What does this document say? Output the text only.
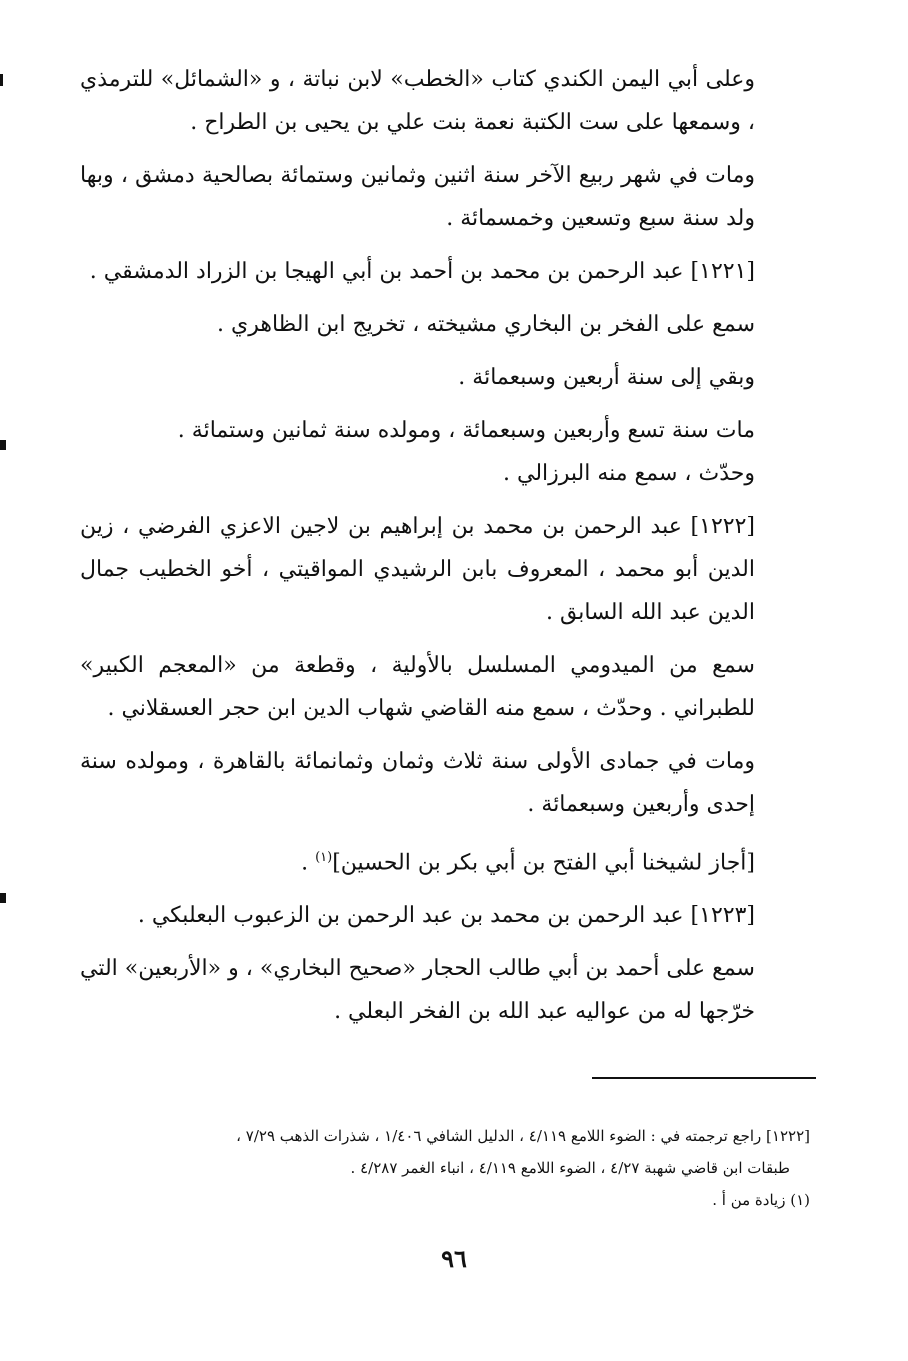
وعلى أبي اليمن الكندي كتاب «الخطب» لابن نباتة ، و «الشمائل» للترمذي ، وسمعها على ست الكتبة نعمة بنت علي بن يحيى بن الطراح .

ومات في شهر ربيع الآخر سنة اثنين وثمانين وستمائة بصالحية دمشق ، وبها ولد سنة سبع وتسعين وخمسمائة .

[١٢٢١] عبد الرحمن بن محمد بن أحمد بن أبي الهيجا بن الزراد الدمشقي .

سمع على الفخر بن البخاري مشيخته ، تخريج ابن الظاهري .

وبقي إلى سنة أربعين وسبعمائة .

مات سنة تسع وأربعين وسبعمائة ، ومولده سنة ثمانين وستمائة .

وحدّث ، سمع منه البرزالي .

[١٢٢٢] عبد الرحمن بن محمد بن إبراهيم بن لاجين الاعزي الفرضي ، زين الدين أبو محمد ، المعروف بابن الرشيدي المواقيتي ، أخو الخطيب جمال الدين عبد الله السابق .

سمع من الميدومي المسلسل بالأولية ، وقطعة من «المعجم الكبير» للطبراني . وحدّث ، سمع منه القاضي شهاب الدين ابن حجر العسقلاني .

ومات في جمادى الأولى سنة ثلاث وثمان وثمانمائة بالقاهرة ، ومولده سنة إحدى وأربعين وسبعمائة .

[أجاز لشيخنا أبي الفتح بن أبي بكر بن الحسين]$^{(١)}$ .

[١٢٢٣] عبد الرحمن بن محمد بن عبد الرحمن بن الزعبوب البعلبكي .

سمع على أحمد بن أبي طالب الحجار «صحيح البخاري» ، و «الأربعين» التي خرّجها له من عواليه عبد الله بن الفخر البعلي .

[١٢٢٢] راجع ترجمته في : الضوء اللامع ٤/١١٩ ، الدليل الشافي ١/٤٠٦ ، شذرات الذهب ٧/٢٩ ،

طبقات ابن قاضي شهبة ٤/٢٧ ، الضوء اللامع ٤/١١٩ ، انباء الغمر ٤/٢٨٧ .

(١) زيادة من أ .

٩٦
